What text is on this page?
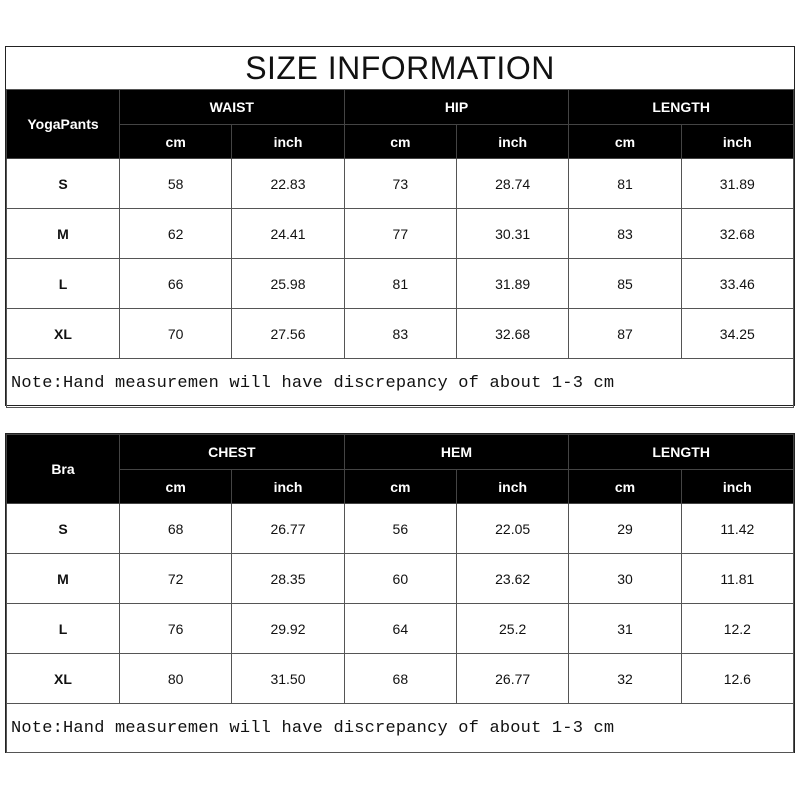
SIZE INFORMATION						
YogaPants	WAIST		HIP		LENGTH	
	cm	inch	cm	inch	cm	inch
S	58	22.83	73	28.74	81	31.89
M	62	24.41	77	30.31	83	32.68
L	66	25.98	81	31.89	85	33.46
XL	70	27.56	83	32.68	87	34.25
Note:Hand measuremen will have discrepancy of about 1-3 cm						
Bra	CHEST		HEM		LENGTH	
	cm	inch	cm	inch	cm	inch
S	68	26.77	56	22.05	29	11.42
M	72	28.35	60	23.62	30	11.81
L	76	29.92	64	25.2	31	12.2
XL	80	31.50	68	26.77	32	12.6
Note:Hand measuremen will have discrepancy of about 1-3 cm						
